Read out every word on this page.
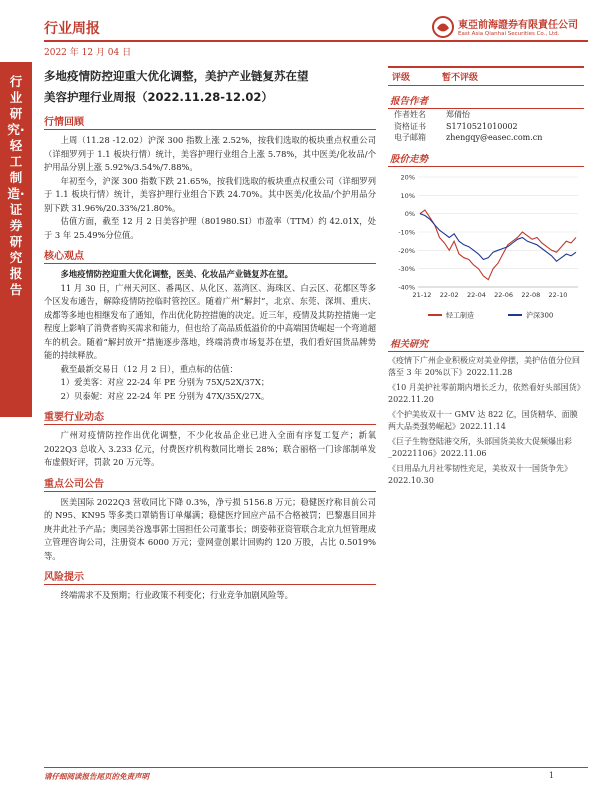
行业周报
2022 年 12 月 04 日
東亞前海證券有限責任公司
East Asia Qianhai Securities Co., Ltd.
行业研究·轻工制造·证券研究报告
多地疫情防控迎重大优化调整，美护产业链复苏在望
美容护理行业周报（2022.11.28-12.02）
行情回顾

上周（11.28 -12.02）沪深 300 指数上涨 2.52%，按我们选取的板块重点权重公司（详细罗列于 1.1 板块行情）统计，美容护理行业组合上涨 5.78%，其中医美/化妆品/个护用品分别上涨 5.92%/3.54%/7.88%。

年初至今，沪深 300 指数下跌 21.65%，按我们选取的板块重点权重公司（详细罗列于 1.1 板块行情）统计，美容护理行业组合下跌 24.70%。其中医美/化妆品/个护用品分别下跌 31.96%/20.33%/21.80%。

估值方面，截至 12 月 2 日美容护理（801980.SI）市盈率（TTM）约 42.01X，处于 3 年 25.49%分位值。

核心观点

多地疫情防控迎重大优化调整，医美、化妆品产业链复苏在望。

11 月 30 日，广州天河区、番禺区、从化区、荔湾区、海珠区、白云区、花都区等多个区发布通告，解除疫情防控临时管控区。随着广州“解封”，北京、东莞、深圳、重庆、成都等多地也相继发布了通知，作出优化防控措施的决定。近三年，疫情及其防控措施一定程度上影响了消费者购买需求和能力，但也给了高品质低溢价的中高端国货崛起一个弯道超车的机会。随着“解封放开”措施逐步落地，终端消费市场复苏在望，我们看好国货品牌势能的持续释放。

截至最新交易日（12 月 2 日），重点标的估值：

1）爱美客：对应 22-24 年 PE 分别为 75X/52X/37X；

2）贝泰妮：对应 22-24 年 PE 分别为 47X/35X/27X。

重要行业动态

广州对疫情防控作出优化调整，不少化妆品企业已进入全面有序复工复产；新氧 2022Q3 总收入 3.233 亿元，付费医疗机构数同比增长 28%；联合丽格一门诊部制单发布虚假好评，罚款 20 万元等。

重点公司公告

医美国际 2022Q3 营收同比下降 0.3%，净亏损 5156.8 万元；稳健医疗称目前公司的 N95、KN95 等多类口罩销售订单爆满；稳健医疗回应产品不合格被罚；巴黎惠目回并庚井此社予产品；奥园美谷逸事郭士国担任公司董事长；朗姿韩亚资管联合北京九恒管理成立管理咨询公司，注册资本 6000 万元；壹网壹创累计回购约 120 万股，占比 0.5019%等。

风险提示

终端需求不及预期；行业政策不利变化；行业竞争加剧风险等。

评级	暂不评级
报告作者
作者姓名	郑倩怡
资格证书	S1710521010002
电子邮箱	zhengqy@easec.com.cn
股价走势
20%
10%
0%
-10%
-20%
-30%
-40%
21-12 22-02 22-04 22-06 22-08 22-10
轻工制造	沪深300
相关研究
《疫情下广州企业积极应对美业停摆，美护估值分位回落至 3 年 20%以下》2022.11.28
《10 月美护社零前期内增长乏力，依然看好头部国货》2022.11.20
《个护美妆双十一 GMV 达 822 亿，国货精华、面膜两大品类强势崛起》2022.11.14
《巨子生物登陆港交所，头部国货美妆大促频爆出彩_20221106》2022.11.06
《日用品九月社零韧性充足，美妆双十一国货争先》2022.10.30
请仔细阅读报告尾页的免责声明	1
